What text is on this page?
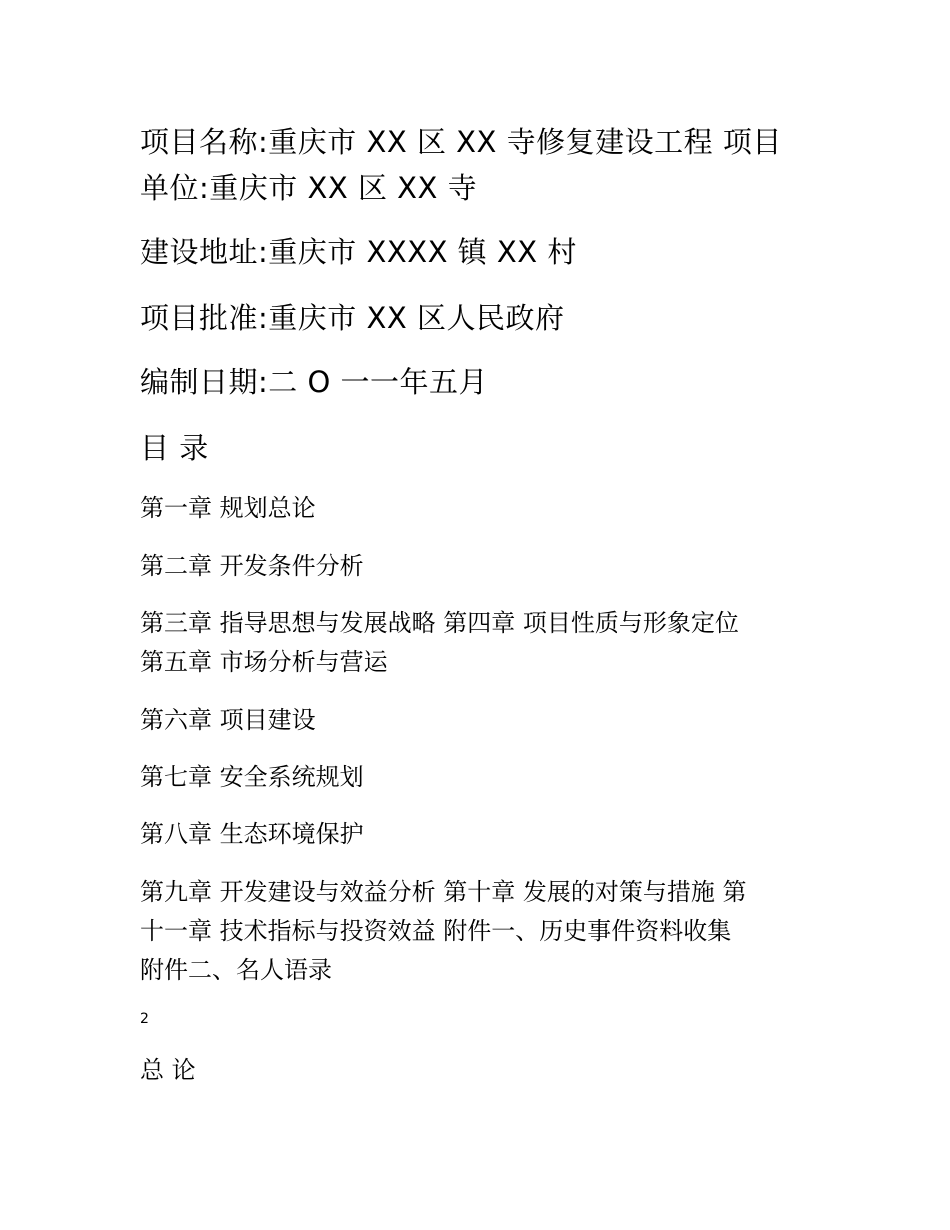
项目名称:重庆市 XX 区 XX 寺修复建设工程 项目

单位:重庆市 XX 区 XX 寺

建设地址:重庆市 XXXX 镇 XX 村

项目批准:重庆市 XX 区人民政府

编制日期:二 O 一一年五月

目 录

第一章 规划总论

第二章 开发条件分析

第三章 指导思想与发展战略 第四章 项目性质与形象定位

第五章 市场分析与营运

第六章 项目建设

第七章 安全系统规划

第八章 生态环境保护

第九章 开发建设与效益分析 第十章 发展的对策与措施 第

十一章 技术指标与投资效益 附件一、历史事件资料收集

附件二、名人语录

2

总 论
